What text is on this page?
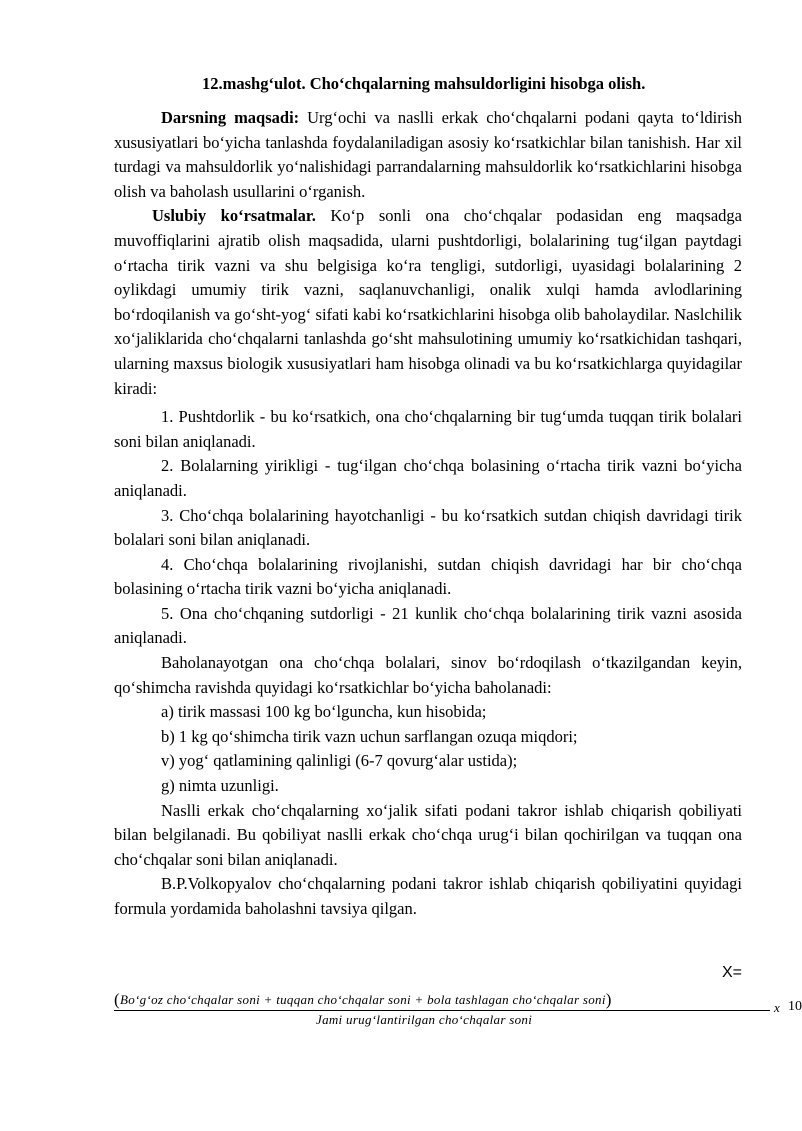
12.mashg‘ulot. Cho‘chqalarning mahsuldorligini hisobga olish.

Darsning maqsadi: Urg‘ochi va naslli erkak cho‘chqalarni podani qayta to‘ldirish xususiyatlari bo‘yicha tanlashda foydalaniladigan asosiy ko‘rsatkichlar bilan tanishish. Har xil turdagi va mahsuldorlik yo‘nalishidagi parrandalarning mahsuldorlik ko‘rsatkichlarini hisobga olish va baholash usullarini o‘rganish.

Uslubiy ko‘rsatmalar. Ko‘p sonli ona cho‘chqalar podasidan eng maqsadga muvoffiqlarini ajratib olish maqsadida, ularni pushtdorligi, bolalarining tug‘ilgan paytdagi o‘rtacha tirik vazni va shu belgisiga ko‘ra tengligi, sutdorligi, uyasidagi bolalarining 2 oylikdagi umumiy tirik vazni, saqlanuvchanligi, onalik xulqi hamda avlodlarining bo‘rdoqilanish va go‘sht-yog‘ sifati kabi ko‘rsatkichlarini hisobga olib baholaydilar. Naslchilik xo‘jaliklarida cho‘chqalarni tanlashda go‘sht mahsulotining umumiy ko‘rsatkichidan tashqari, ularning maxsus biologik xususiyatlari ham hisobga olinadi va bu ko‘rsatkichlarga quyidagilar kiradi:

1. Pushtdorlik - bu ko‘rsatkich, ona cho‘chqalarning bir tug‘umda tuqqan tirik bolalari soni bilan aniqlanadi.

2. Bolalarning yirikligi - tug‘ilgan cho‘chqa bolasining o‘rtacha tirik vazni bo‘yicha aniqlanadi.

3. Cho‘chqa bolalarining hayotchanligi - bu ko‘rsatkich sutdan chiqish davridagi tirik bolalari soni bilan aniqlanadi.

4. Cho‘chqa bolalarining rivojlanishi, sutdan chiqish davridagi har bir cho‘chqa bolasining o‘rtacha tirik vazni bo‘yicha aniqlanadi.

5. Ona cho‘chqaning sutdorligi - 21 kunlik cho‘chqa bolalarining tirik vazni asosida aniqlanadi.

Baholanayotgan ona cho‘chqa bolalari, sinov bo‘rdoqilash o‘tkazilgandan keyin, qo‘shimcha ravishda quyidagi ko‘rsatkichlar bo‘yicha baholanadi:

a) tirik massasi 100 kg bo‘lguncha, kun hisobida;

b) 1 kg qo‘shimcha tirik vazn uchun sarflangan ozuqa miqdori;

v) yog‘ qatlamining qalinligi (6-7 qovurg‘alar ustida);

g) nimta uzunligi.

Naslli erkak cho‘chqalarning xo‘jalik sifati podani takror ishlab chiqarish qobiliyati bilan belgilanadi. Bu qobiliyat naslli erkak cho‘chqa urug‘i bilan qochirilgan va tuqqan ona cho‘chqalar soni bilan aniqlanadi.

B.P.Volkopyalov cho‘chqalarning podani takror ishlab chiqarish qobiliyatini quyidagi formula yordamida baholashni tavsiya qilgan.

X=
(Bo‘g‘oz cho‘chqalar soni + tuqqan cho‘chqalar soni + bola tashlagan cho‘chqalar soni)
Jami urug‘lantirilgan cho‘chqalar soni
x 10
